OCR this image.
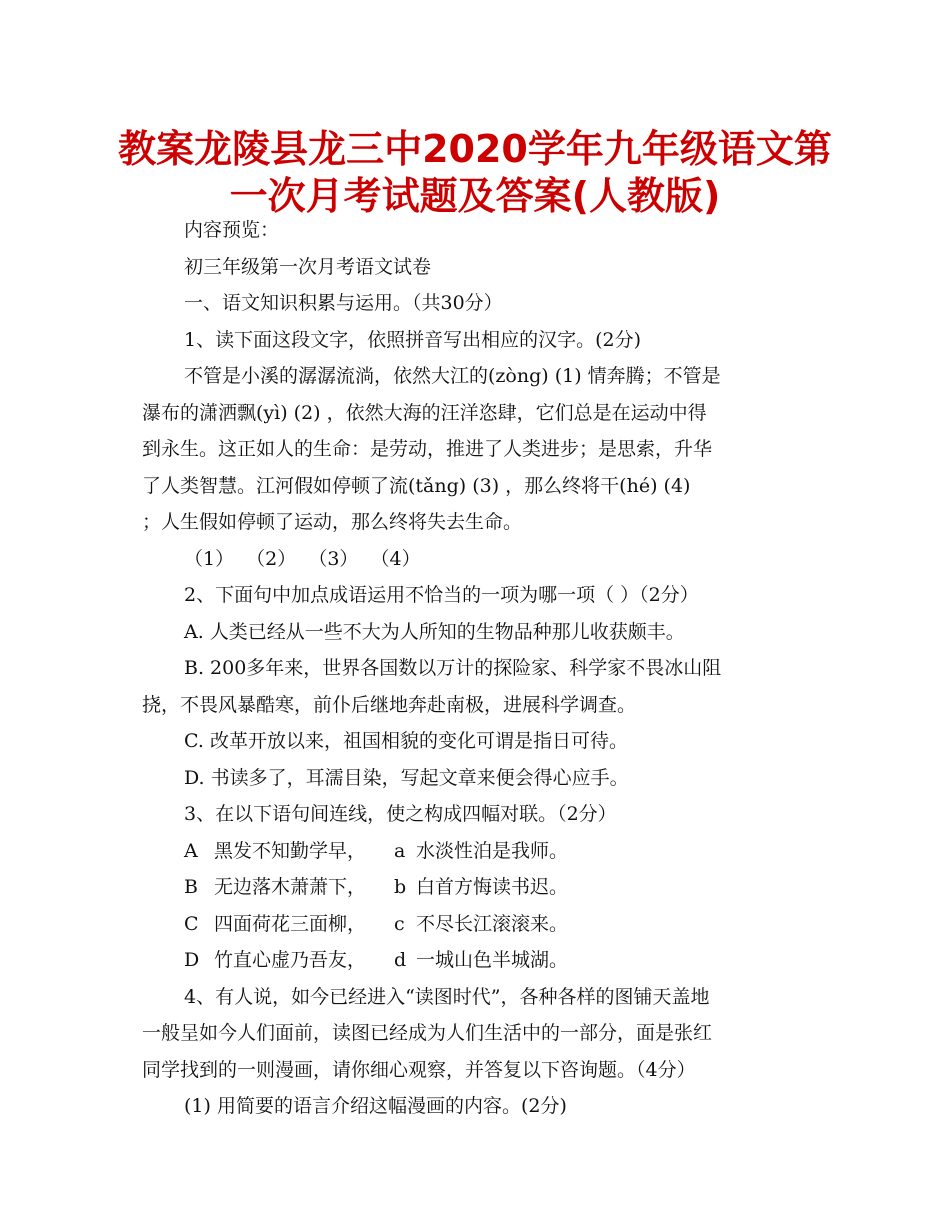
教案龙陵县龙三中2020学年九年级语文第
一次月考试题及答案(人教版)

内容预览：

初三年级第一次月考语文试卷

一、语文知识积累与运用。（共30分）

1、读下面这段文字，依照拼音写出相应的汉字。(2分)

不管是小溪的潺潺流淌，依然大江的(zòng) (1) 情奔腾；不管是

瀑布的潇洒飘(yì) (2) ，依然大海的汪洋恣肆，它们总是在运动中得

到永生。这正如人的生命：是劳动，推进了人类进步；是思索，升华

了人类智慧。江河假如停顿了流(tǎng) (3) ，那么终将干(hé) (4)

；人生假如停顿了运动，那么终将失去生命。

（1）  （2）  （3）  （4）

2、下面句中加点成语运用不恰当的一项为哪一项（ ）（2分）

A. 人类已经从一些不大为人所知的生物品种那儿收获颇丰。

B. 200多年来，世界各国数以万计的探险家、科学家不畏冰山阻

挠，不畏风暴酷寒，前仆后继地奔赴南极，进展科学调查。

C. 改革开放以来，祖国相貌的变化可谓是指日可待。

D. 书读多了，耳濡目染，写起文章来便会得心应手。

3、在以下语句间连线，使之构成四幅对联。（2分）

A 黑发不知勤学早， a 水淡性泊是我师。

B 无边落木萧萧下， b 白首方悔读书迟。

C 四面荷花三面柳， c 不尽长江滚滚来。

D 竹直心虚乃吾友， d 一城山色半城湖。

4、有人说，如今已经进入“读图时代”，各种各样的图铺天盖地

一般呈如今人们面前，读图已经成为人们生活中的一部分，面是张红

同学找到的一则漫画，请你细心观察，并答复以下咨询题。（4分）

(1) 用简要的语言介绍这幅漫画的内容。(2分)
